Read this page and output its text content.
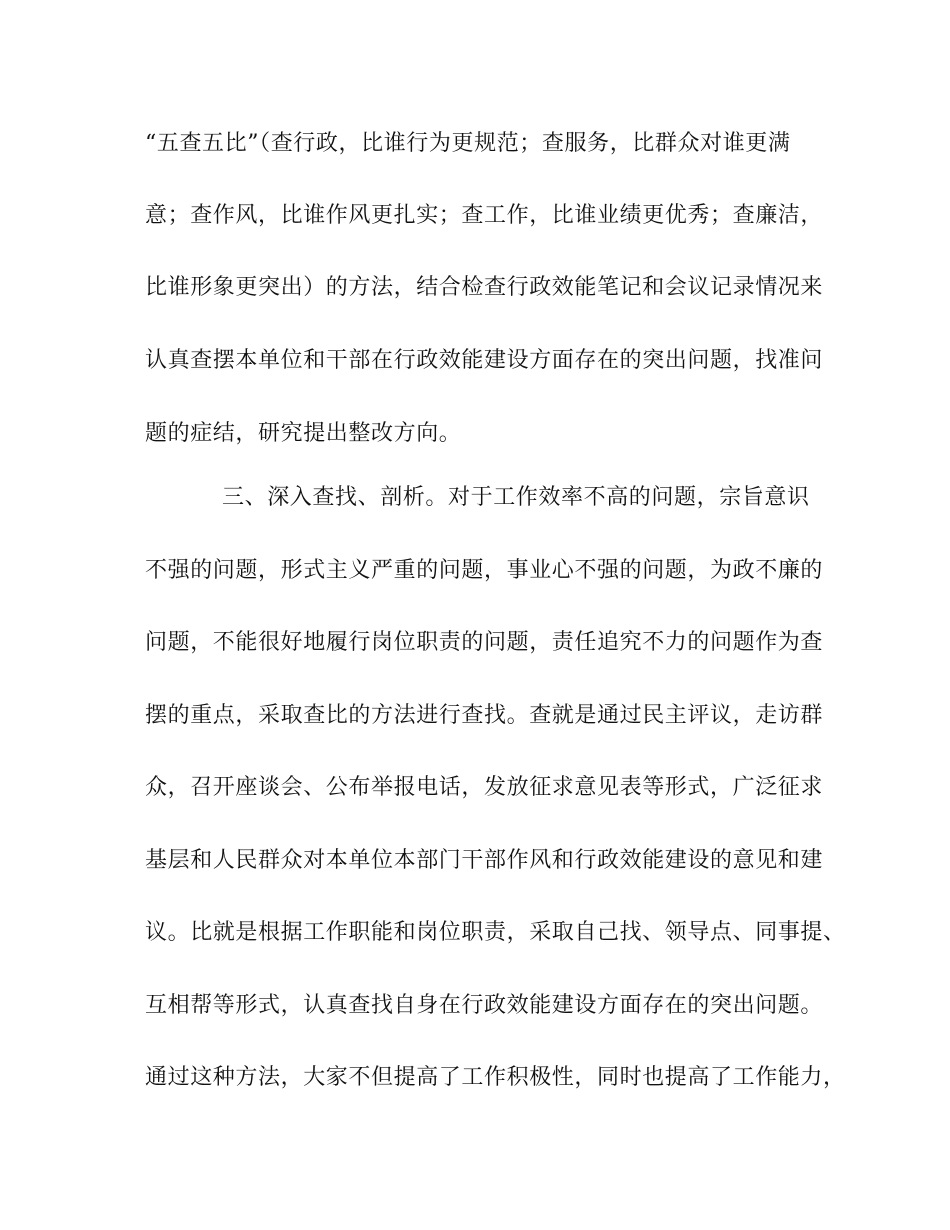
“五查五比”（查行政，比谁行为更规范；查服务，比群众对谁更满
意；查作风，比谁作风更扎实；查工作，比谁业绩更优秀；查廉洁，
比谁形象更突出）的方法，结合检查行政效能笔记和会议记录情况来
认真查摆本单位和干部在行政效能建设方面存在的突出问题，找准问
题的症结，研究提出整改方向。
三、深入查找、剖析。对于工作效率不高的问题，宗旨意识
不强的问题，形式主义严重的问题，事业心不强的问题，为政不廉的
问题，不能很好地履行岗位职责的问题，责任追究不力的问题作为查
摆的重点，采取查比的方法进行查找。查就是通过民主评议，走访群
众，召开座谈会、公布举报电话，发放征求意见表等形式，广泛征求
基层和人民群众对本单位本部门干部作风和行政效能建设的意见和建
议。比就是根据工作职能和岗位职责，采取自己找、领导点、同事提、
互相帮等形式，认真查找自身在行政效能建设方面存在的突出问题。
通过这种方法，大家不但提高了工作积极性，同时也提高了工作能力，
